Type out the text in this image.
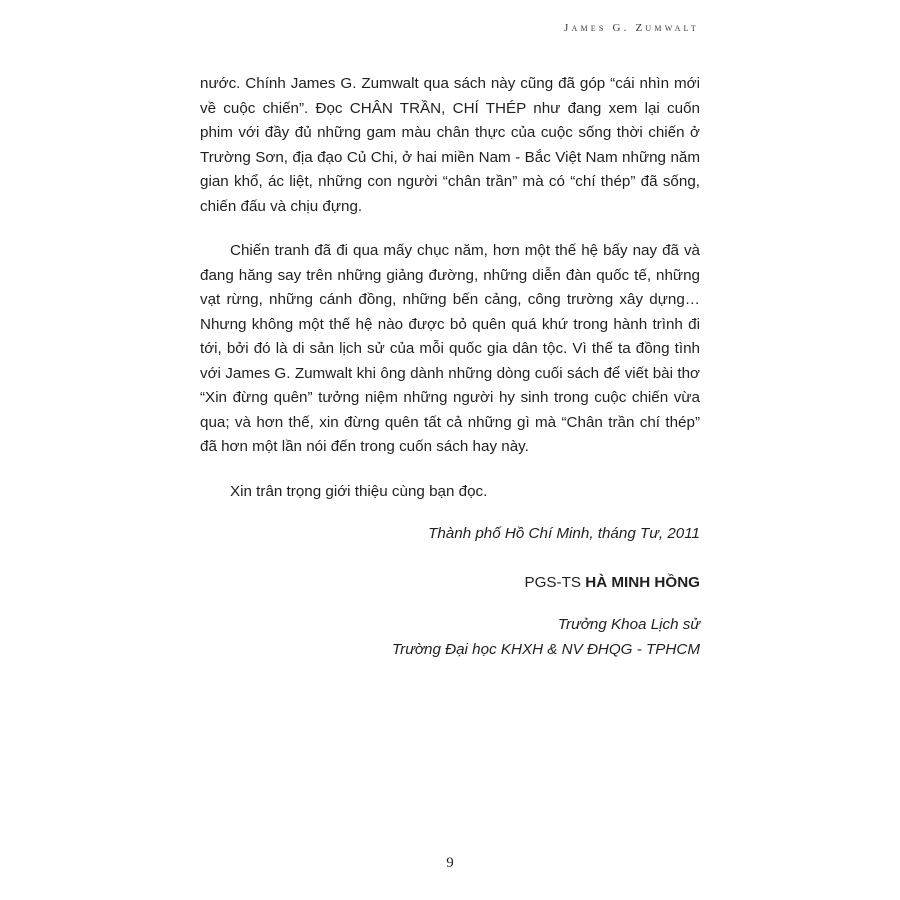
James G. Zumwalt

nước. Chính James G. Zumwalt qua sách này cũng đã góp “cái nhìn mới về cuộc chiến”. Đọc CHÂN TRẦN, CHÍ THÉP như đang xem lại cuốn phim với đầy đủ những gam màu chân thực của cuộc sống thời chiến ở Trường Sơn, địa đạo Củ Chi, ở hai miền Nam - Bắc Việt Nam những năm gian khổ, ác liệt, những con người “chân trần” mà có “chí thép” đã sống, chiến đấu và chịu đựng.

Chiến tranh đã đi qua mấy chục năm, hơn một thế hệ bấy nay đã và đang hăng say trên những giảng đường, những diễn đàn quốc tế, những vạt rừng, những cánh đồng, những bến cảng, công trường xây dựng… Nhưng không một thế hệ nào được bỏ quên quá khứ trong hành trình đi tới, bởi đó là di sản lịch sử của mỗi quốc gia dân tộc. Vì thế ta đồng tình với James G. Zumwalt khi ông dành những dòng cuối sách để viết bài thơ “Xin đừng quên” tưởng niệm những người hy sinh trong cuộc chiến vừa qua; và hơn thế, xin đừng quên tất cả những gì mà “Chân trần chí thép” đã hơn một lần nói đến trong cuốn sách hay này.

Xin trân trọng giới thiệu cùng bạn đọc.

Thành phố Hồ Chí Minh, tháng Tư, 2011

PGS-TS HÀ MINH HỒNG

Trưởng Khoa Lịch sử
Trường Đại học KHXH & NV ĐHQG - TPHCM

9
